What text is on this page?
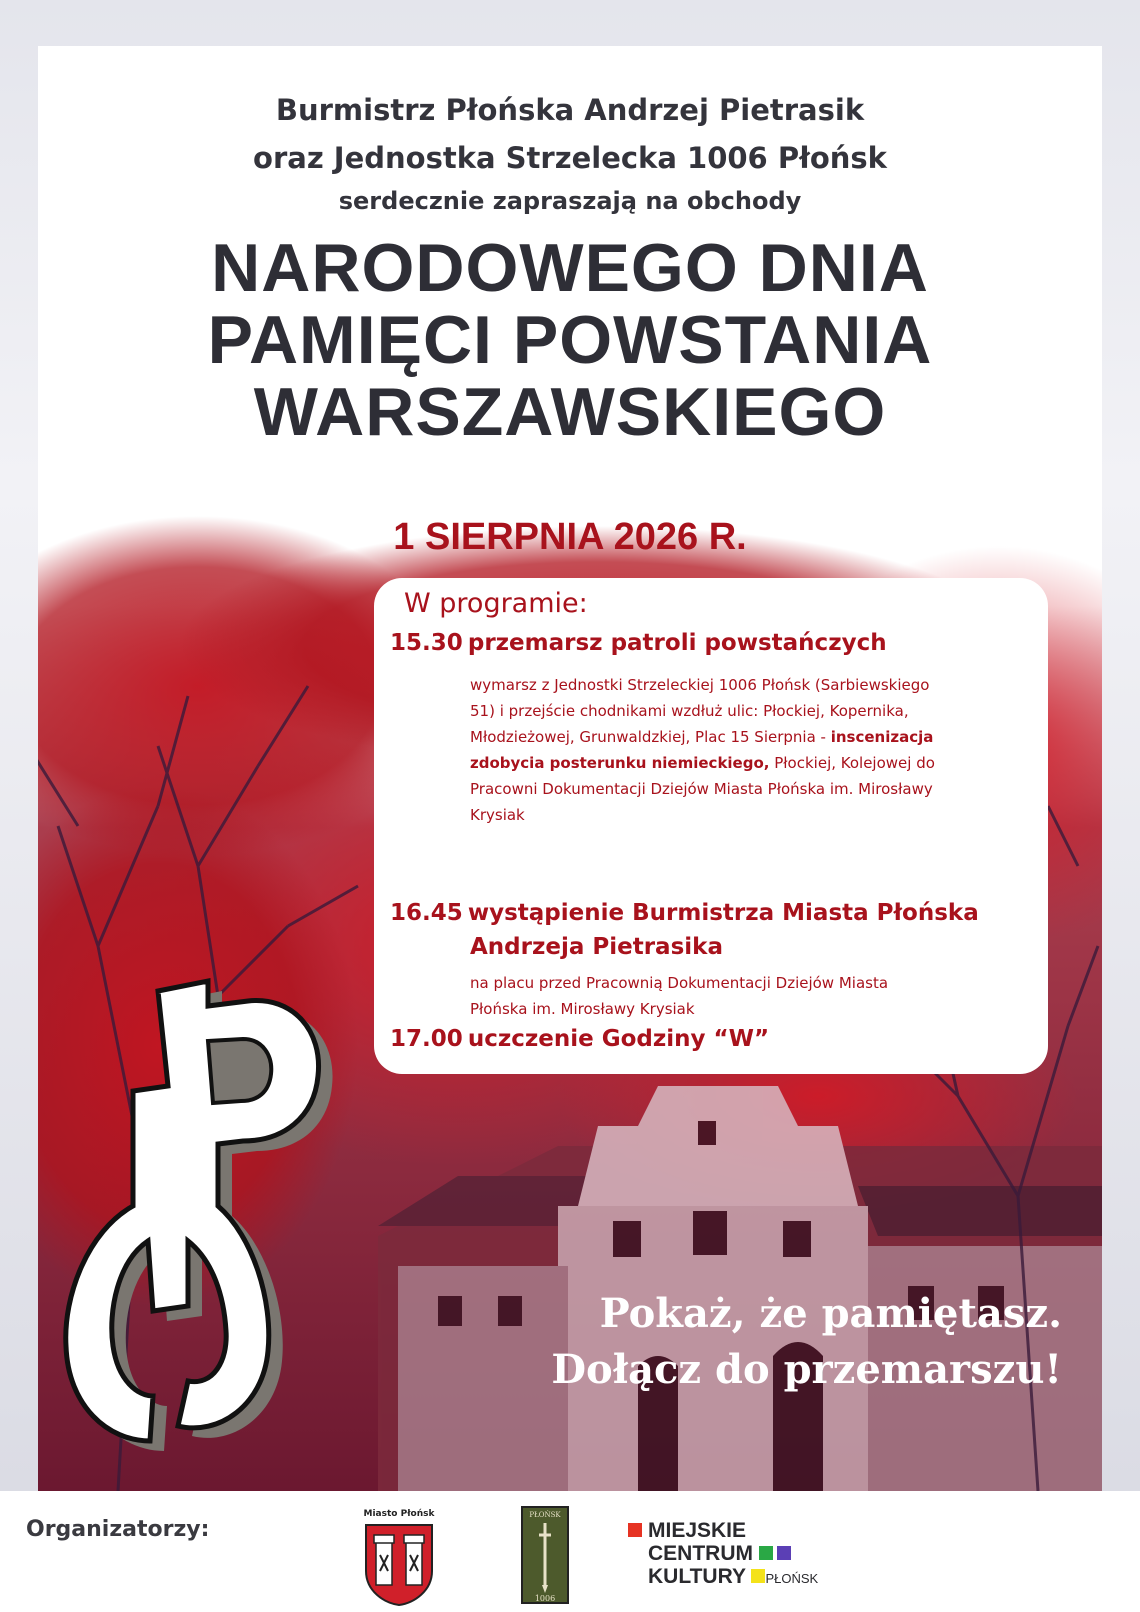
Burmistrz Płońska Andrzej Pietrasik
oraz Jednostka Strzelecka 1006 Płońsk
serdecznie zapraszają na obchody
NARODOWEGO DNIA
PAMIĘCI POWSTANIA
WARSZAWSKIEGO
1 SIERPNIA 2026 R.
W programie:
15.30 przemarsz patroli powstańczych
wymarsz z Jednostki Strzeleckiej 1006 Płońsk (Sarbiewskiego 51) i przejście chodnikami wzdłuż ulic: Płockiej, Kopernika, Młodzieżowej, Grunwaldzkiej, Plac 15 Sierpnia - inscenizacja zdobycia posterunku niemieckiego, Płockiej, Kolejowej do Pracowni Dokumentacji Dziejów Miasta Płońska im. Mirosławy Krysiak
16.45 wystąpienie Burmistrza Miasta Płońska
Andrzeja Pietrasika
na placu przed Pracownią Dokumentacji Dziejów Miasta Płońska im. Mirosławy Krysiak
17.00 uczczenie Godziny “W”
Pokaż, że pamiętasz.
Dołącz do przemarszu!
Organizatorzy:
Miasto Płońsk	PŁOŃSK
1006
MIEJSKIE
CENTRUM
KULTURY PŁOŃSK
